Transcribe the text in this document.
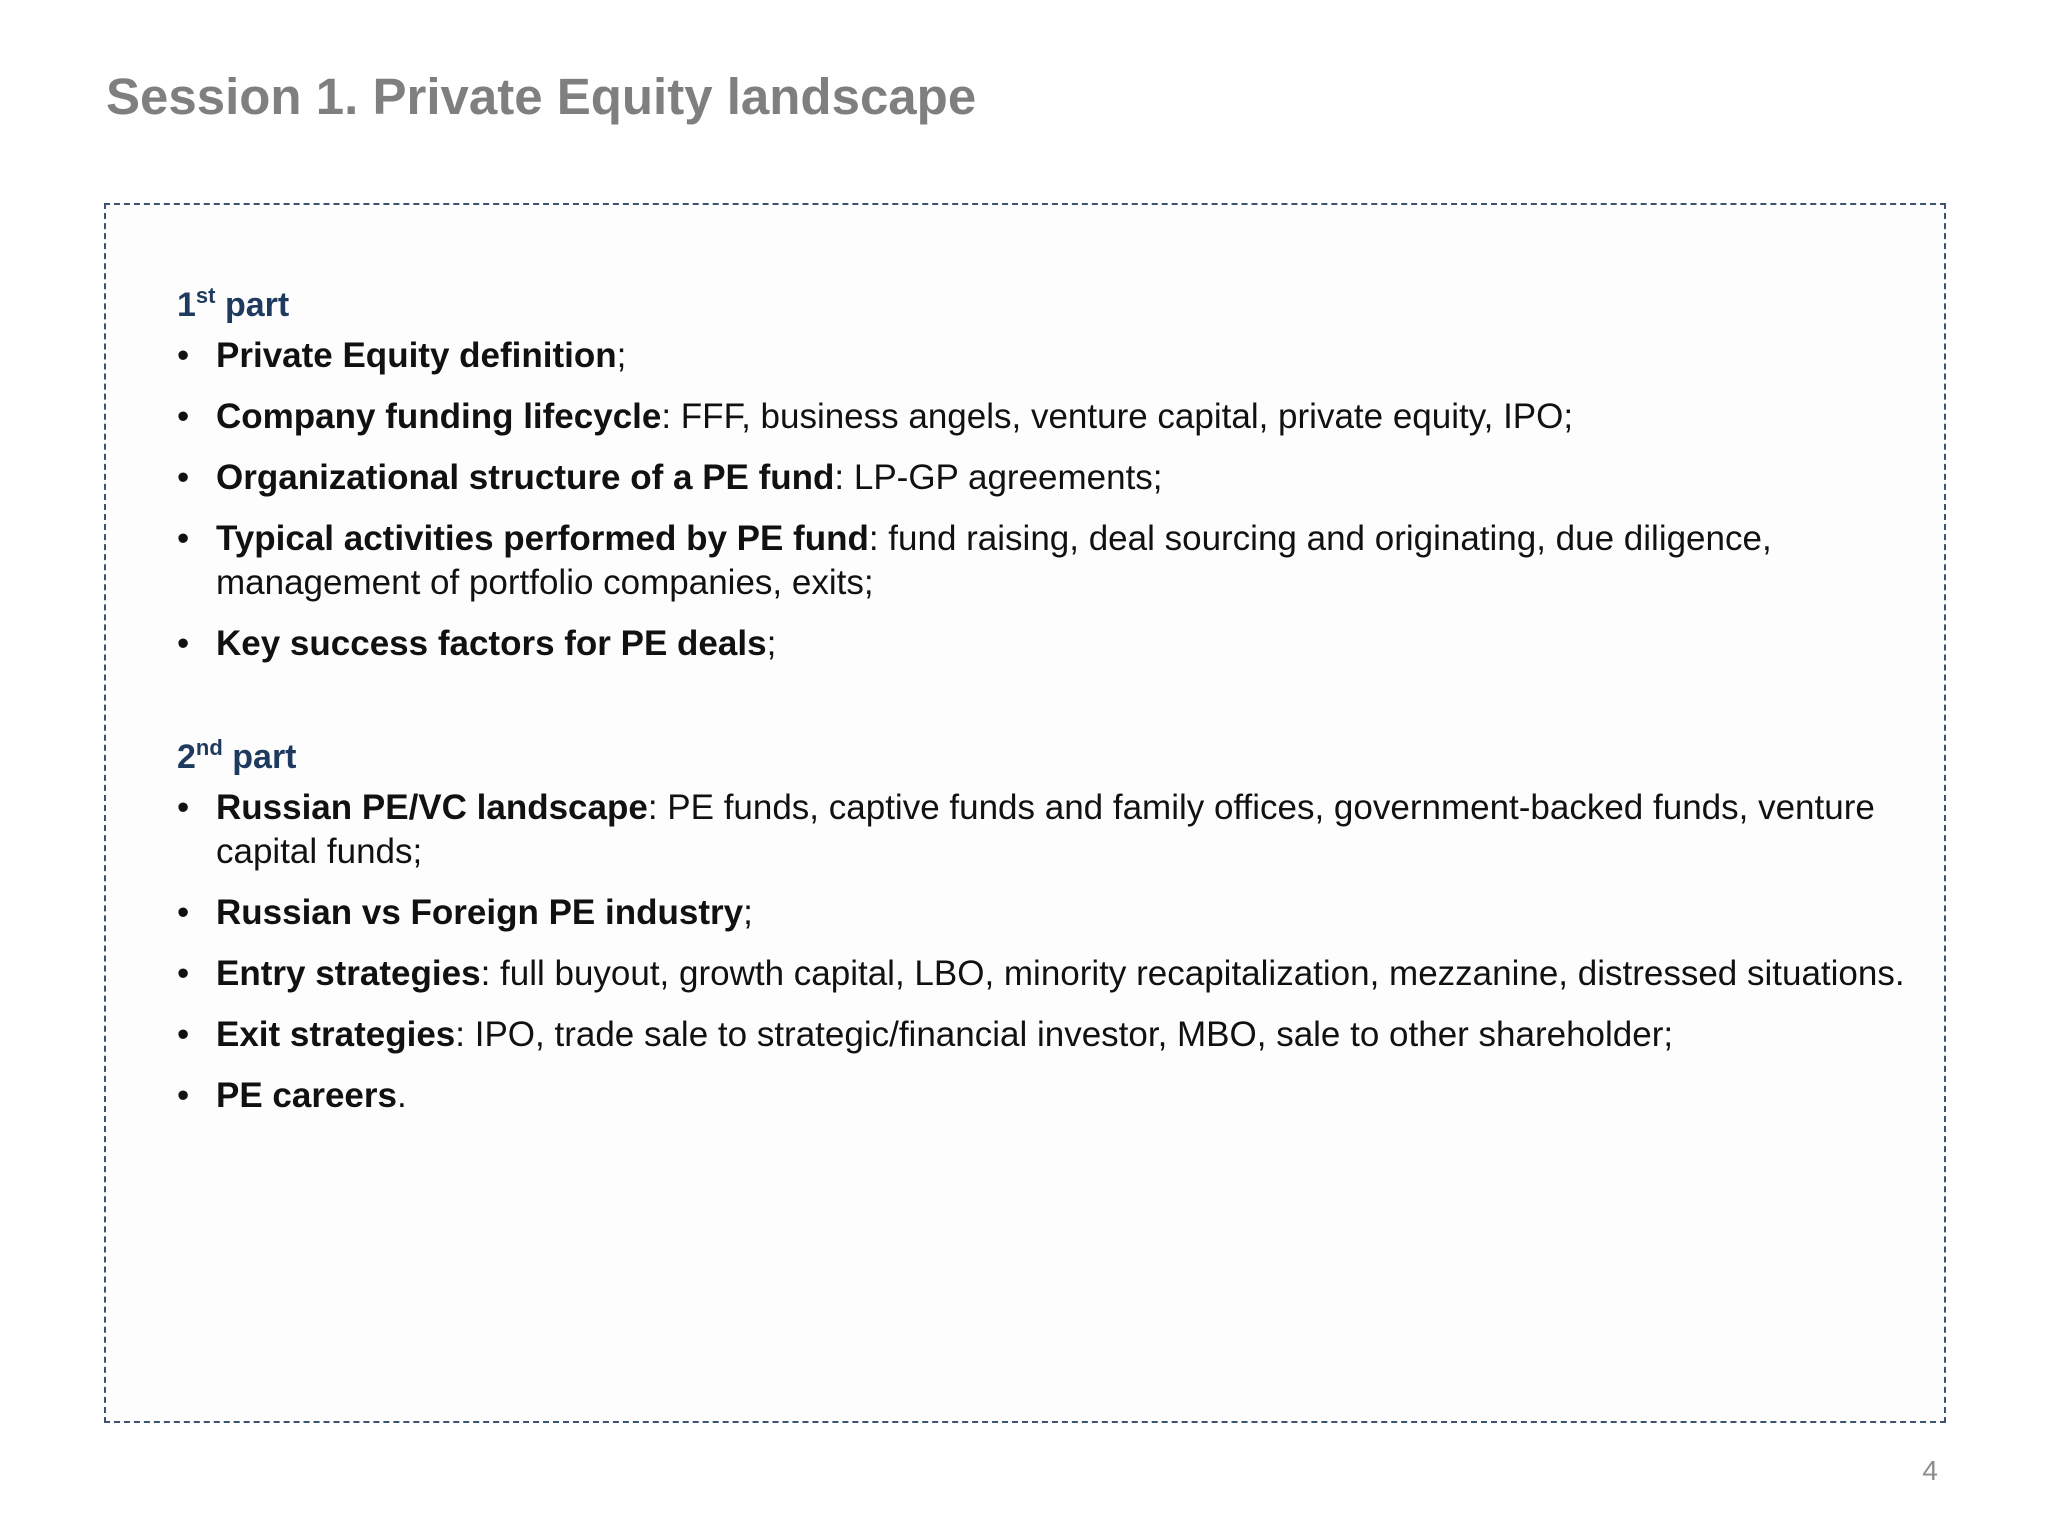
Session 1. Private Equity landscape
1st part
• Private Equity definition;
• Company funding lifecycle: FFF, business angels, venture capital, private equity, IPO;
• Organizational structure of a PE fund: LP-GP agreements;
• Typical activities performed by PE fund: fund raising, deal sourcing and originating, due diligence, management of portfolio companies, exits;
• Key success factors for PE deals;
2nd part
• Russian PE/VC landscape: PE funds, captive funds and family offices, government-backed funds, venture capital funds;
• Russian vs Foreign PE industry;
• Entry strategies: full buyout, growth capital, LBO, minority recapitalization, mezzanine, distressed situations.
• Exit strategies: IPO, trade sale to strategic/financial investor, MBO, sale to other shareholder;
• PE careers.
4
